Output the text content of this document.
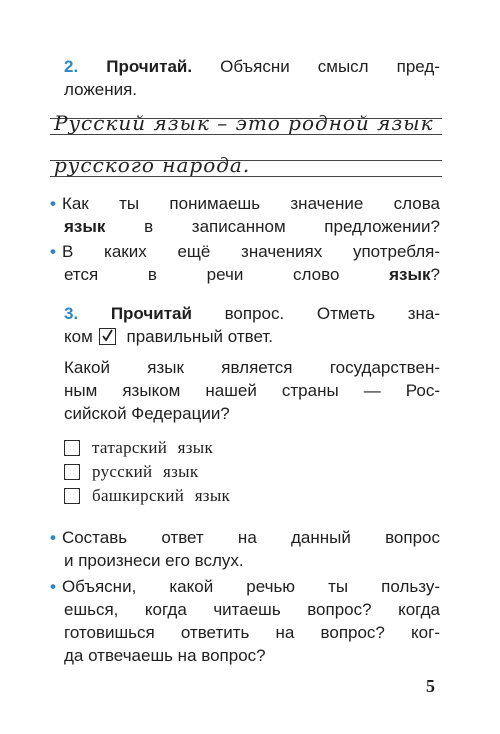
2. Прочитай. Объясни смысл пред-
ложения.
Русский язык – это родной язык
русского народа.
• Как ты понимаешь значение слова
язык в записанном предложении?
• В каких ещё значениях употребля-
ется в речи слово	язык?
3. Прочитай вопрос. Отметь зна-
ком правильный ответ.
Какой язык является государствен-
ным языком нашей страны — Рос-
сийской Федерации?
татарский язык
русский язык
башкирский язык
• Составь ответ на данный вопрос
и произнеси его вслух.
• Объясни, какой речью ты пользу-
ешься, когда читаешь вопрос? когда
готовишься ответить на вопрос? ког-
да отвечаешь на вопрос?
5
